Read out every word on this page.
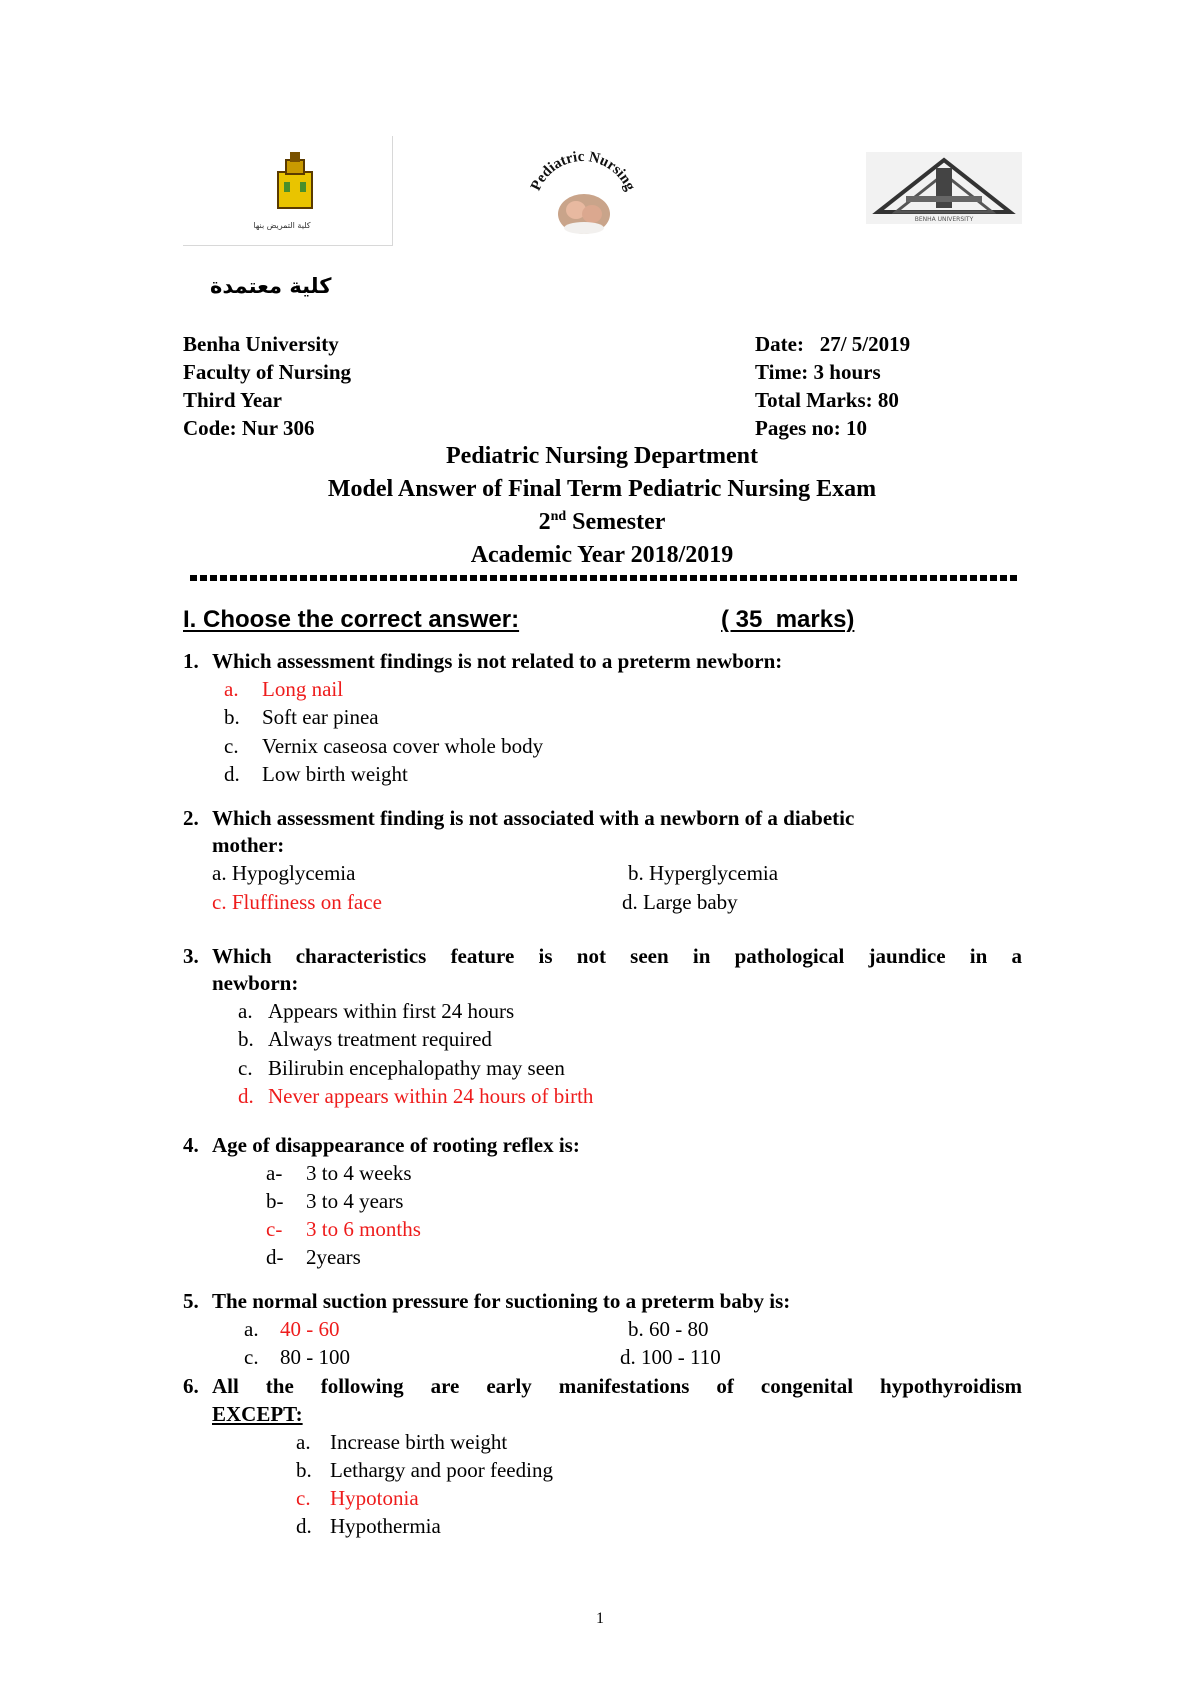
كلية التمريض بنها
Pediatric Nursing
BENHA UNIVERSITY
كلية معتمدة
Benha University
Faculty of Nursing
Third Year
Code: Nur 306
Date:   27/ 5/2019
Time: 3 hours
Total Marks: 80
Pages no: 10
Pediatric Nursing Department
Model Answer of Final Term Pediatric Nursing Exam
2nd Semester
Academic Year 2018/2019
I. Choose the correct answer:	( 35  marks)
1. Which assessment findings is not related to a preterm newborn:
a. Long nail
b. Soft ear pinea
c. Vernix caseosa cover whole body
d. Low birth weight
2. Which assessment finding is not associated with a newborn of a diabetic
mother:
a. Hypoglycemia	b. Hyperglycemia
c. Fluffiness on face	d. Large baby
3. Which characteristics feature is not seen in pathological jaundice in a
newborn:
a. Appears within first 24 hours
b. Always treatment required
c. Bilirubin encephalopathy may seen
d. Never appears within 24 hours of birth
4. Age of disappearance of rooting reflex is:
a- 3 to 4 weeks
b- 3 to 4 years
c- 3 to 6 months
d- 2years
5. The normal suction pressure for suctioning to a preterm baby is:
a. 40 - 60	b. 60 - 80
c. 80 - 100	d. 100 - 110
6. All the following are early manifestations of congenital hypothyroidism
EXCEPT:
a. Increase birth weight
b. Lethargy and poor feeding
c. Hypotonia
d. Hypothermia
1
